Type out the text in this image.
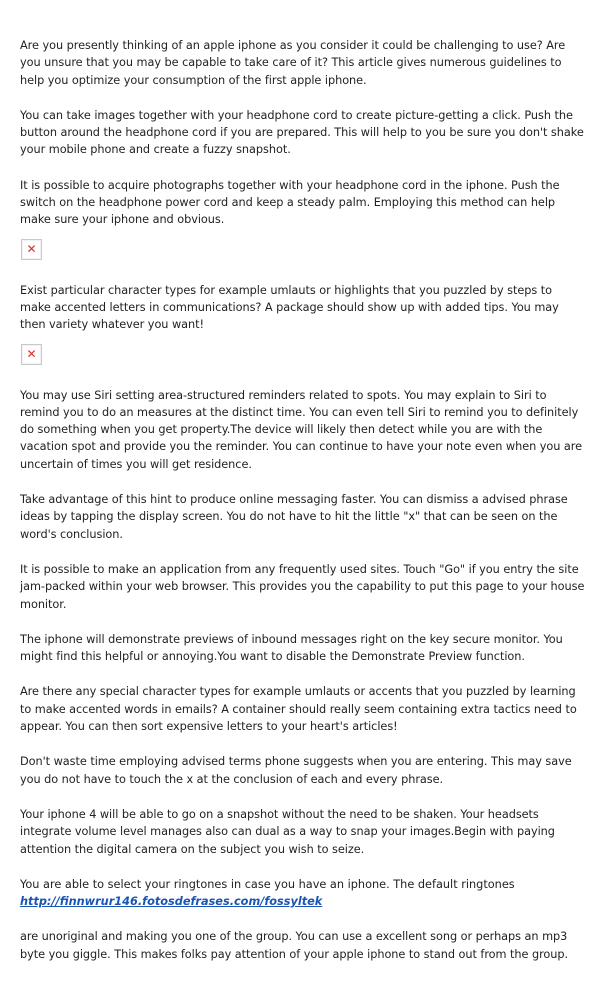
Are you presently thinking of an apple iphone as you consider it could be challenging to use? Are you unsure that you may be capable to take care of it? This article gives numerous guidelines to help you optimize your consumption of the first apple iphone.

You can take images together with your headphone cord to create picture-getting a click. Push the button around the headphone cord if you are prepared. This will help to you be sure you don't shake your mobile phone and create a fuzzy snapshot.

It is possible to acquire photographs together with your headphone cord in the iphone. Push the switch on the headphone power cord and keep a steady palm. Employing this method can help make sure your iphone and obvious.

✕

Exist particular character types for example umlauts or highlights that you puzzled by steps to make accented letters in communications? A package should show up with added tips. You may then variety whatever you want!

✕

You may use Siri setting area-structured reminders related to spots. You may explain to Siri to remind you to do an measures at the distinct time. You can even tell Siri to remind you to definitely do something when you get property.The device will likely then detect while you are with the vacation spot and provide you the reminder. You can continue to have your note even when you are uncertain of times you will get residence.

Take advantage of this hint to produce online messaging faster. You can dismiss a advised phrase ideas by tapping the display screen. You do not have to hit the little "x" that can be seen on the word's conclusion.

It is possible to make an application from any frequently used sites. Touch "Go" if you entry the site jam-packed within your web browser. This provides you the capability to put this page to your house monitor.

The iphone will demonstrate previews of inbound messages right on the key secure monitor. You might find this helpful or annoying.You want to disable the Demonstrate Preview function.

Are there any special character types for example umlauts or accents that you puzzled by learning to make accented words in emails? A container should really seem containing extra tactics need to appear. You can then sort expensive letters to your heart's articles!

Don't waste time employing advised terms phone suggests when you are entering. This may save you do not have to touch the x at the conclusion of each and every phrase.

Your iphone 4 will be able to go on a snapshot without the need to be shaken. Your headsets integrate volume level manages also can dual as a way to snap your images.Begin with paying attention the digital camera on the subject you wish to seize.

You are able to select your ringtones in case you have an iphone. The default ringtones
http://finnwrur146.fotosdefrases.com/fossyltek

are unoriginal and making you one of the group. You can use a excellent song or perhaps an mp3 byte you giggle. This makes folks pay attention of your apple iphone to stand out from the group.
